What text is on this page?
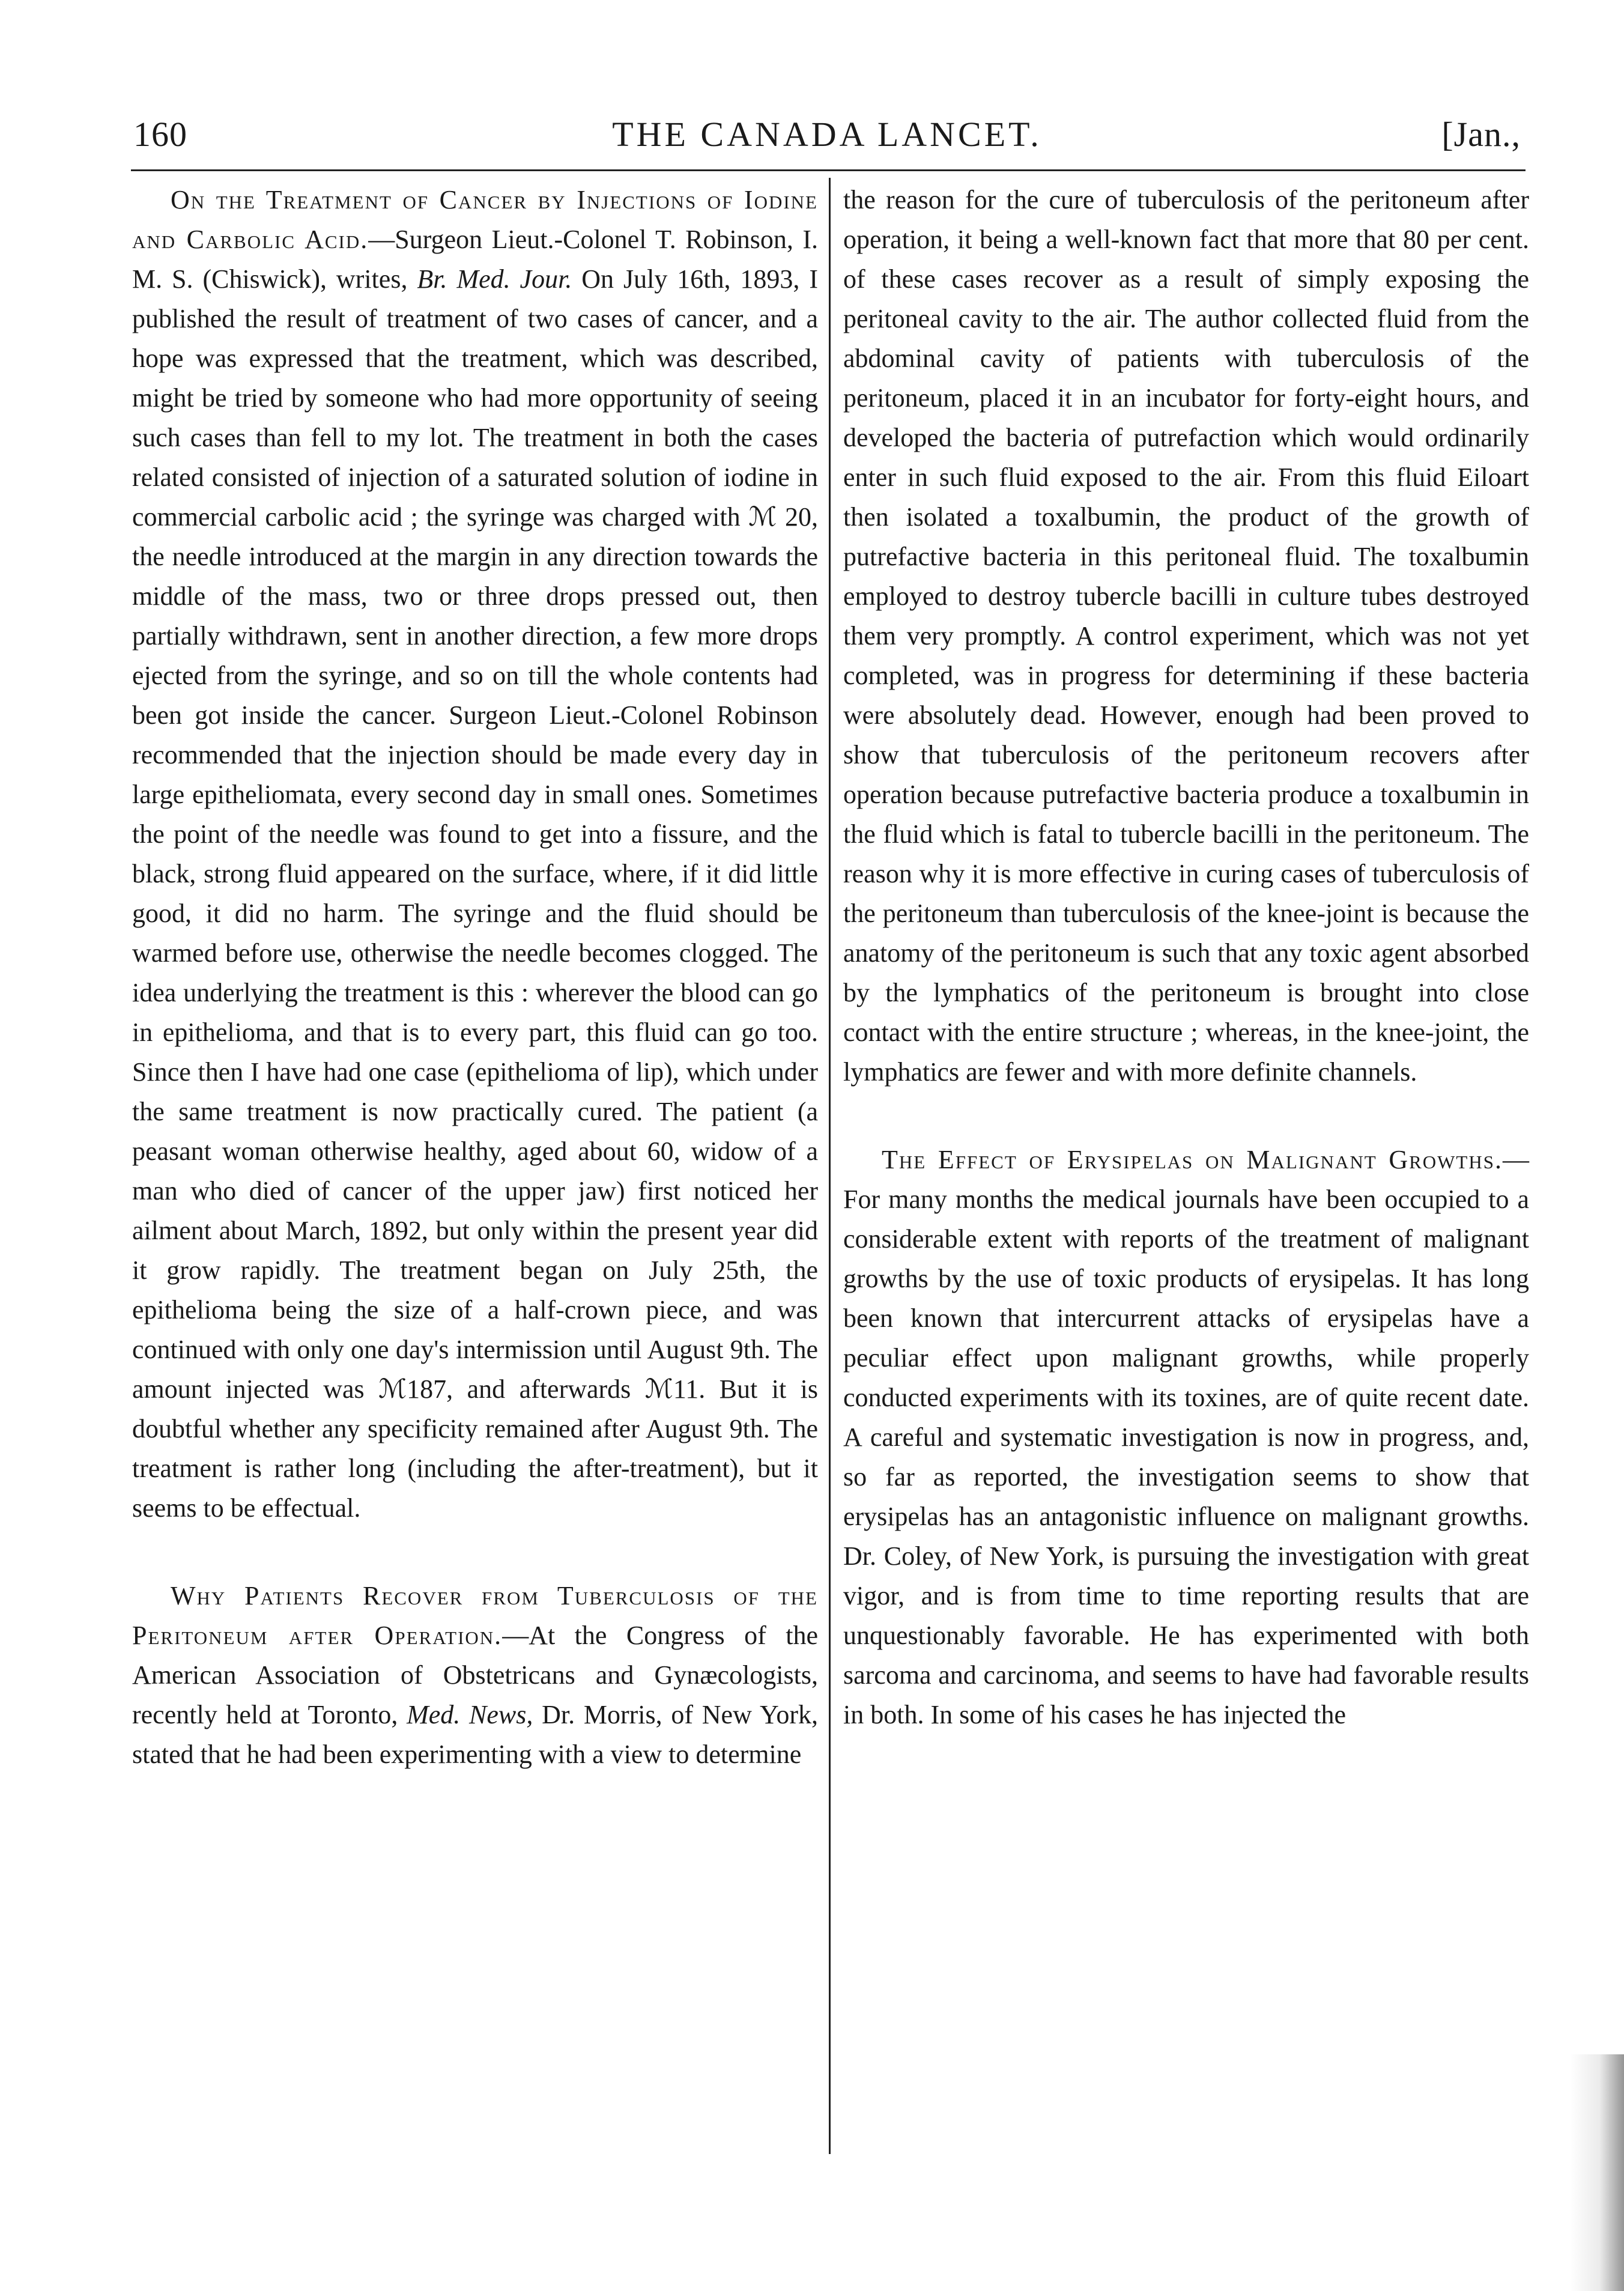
160	THE CANADA LANCET.	[Jan.,

On the Treatment of Cancer by Injections of Iodine and Carbolic Acid.—Surgeon Lieut.-Colonel T. Robinson, I. M. S. (Chiswick), writes, Br. Med. Jour. On July 16th, 1893, I published the result of treatment of two cases of cancer, and a hope was expressed that the treatment, which was described, might be tried by someone who had more opportunity of seeing such cases than fell to my lot. The treatment in both the cases related consisted of injection of a saturated solution of iodine in commercial carbolic acid ; the syringe was charged with ℳ 20, the needle introduced at the margin in any direction towards the middle of the mass, two or three drops pressed out, then partially withdrawn, sent in another direction, a few more drops ejected from the syringe, and so on till the whole contents had been got inside the cancer. Surgeon Lieut.-Colonel Robinson recommended that the injection should be made every day in large epitheliomata, every second day in small ones. Sometimes the point of the needle was found to get into a fissure, and the black, strong fluid appeared on the surface, where, if it did little good, it did no harm. The syringe and the fluid should be warmed before use, otherwise the needle becomes clogged. The idea underlying the treatment is this : wherever the blood can go in epithelioma, and that is to every part, this fluid can go too. Since then I have had one case (epithelioma of lip), which under the same treatment is now practically cured. The patient (a peasant woman otherwise healthy, aged about 60, widow of a man who died of cancer of the upper jaw) first noticed her ailment about March, 1892, but only within the present year did it grow rapidly. The treatment began on July 25th, the epithelioma being the size of a half-crown piece, and was continued with only one day's intermission until August 9th. The amount injected was ℳ187, and afterwards ℳ11. But it is doubtful whether any specificity remained after August 9th. The treatment is rather long (including the after-treatment), but it seems to be effectual.

Why Patients Recover from Tuberculosis of the Peritoneum after Operation.—At the Congress of the American Association of Obstetricans and Gynæcologists, recently held at Toronto, Med. News, Dr. Morris, of New York, stated that he had been experimenting with a view to determine

the reason for the cure of tuberculosis of the peritoneum after operation, it being a well-known fact that more that 80 per cent. of these cases recover as a result of simply exposing the peritoneal cavity to the air. The author collected fluid from the abdominal cavity of patients with tuberculosis of the peritoneum, placed it in an incubator for forty-eight hours, and developed the bacteria of putrefaction which would ordinarily enter in such fluid exposed to the air. From this fluid Eiloart then isolated a toxalbumin, the product of the growth of putrefactive bacteria in this peritoneal fluid. The toxalbumin employed to destroy tubercle bacilli in culture tubes destroyed them very promptly. A control experiment, which was not yet completed, was in progress for determining if these bacteria were absolutely dead. However, enough had been proved to show that tuberculosis of the peritoneum recovers after operation because putrefactive bacteria produce a toxalbumin in the fluid which is fatal to tubercle bacilli in the peritoneum. The reason why it is more effective in curing cases of tuberculosis of the peritoneum than tuberculosis of the knee-joint is because the anatomy of the peritoneum is such that any toxic agent absorbed by the lymphatics of the peritoneum is brought into close contact with the entire structure ; whereas, in the knee-joint, the lymphatics are fewer and with more definite channels.

The Effect of Erysipelas on Malignant Growths.—For many months the medical journals have been occupied to a considerable extent with reports of the treatment of malignant growths by the use of toxic products of erysipelas. It has long been known that intercurrent attacks of erysipelas have a peculiar effect upon malignant growths, while properly conducted experiments with its toxines, are of quite recent date. A careful and systematic investigation is now in progress, and, so far as reported, the investigation seems to show that erysipelas has an antagonistic influence on malignant growths. Dr. Coley, of New York, is pursuing the investigation with great vigor, and is from time to time reporting results that are unquestionably favorable. He has experimented with both sarcoma and carcinoma, and seems to have had favorable results in both. In some of his cases he has injected the
